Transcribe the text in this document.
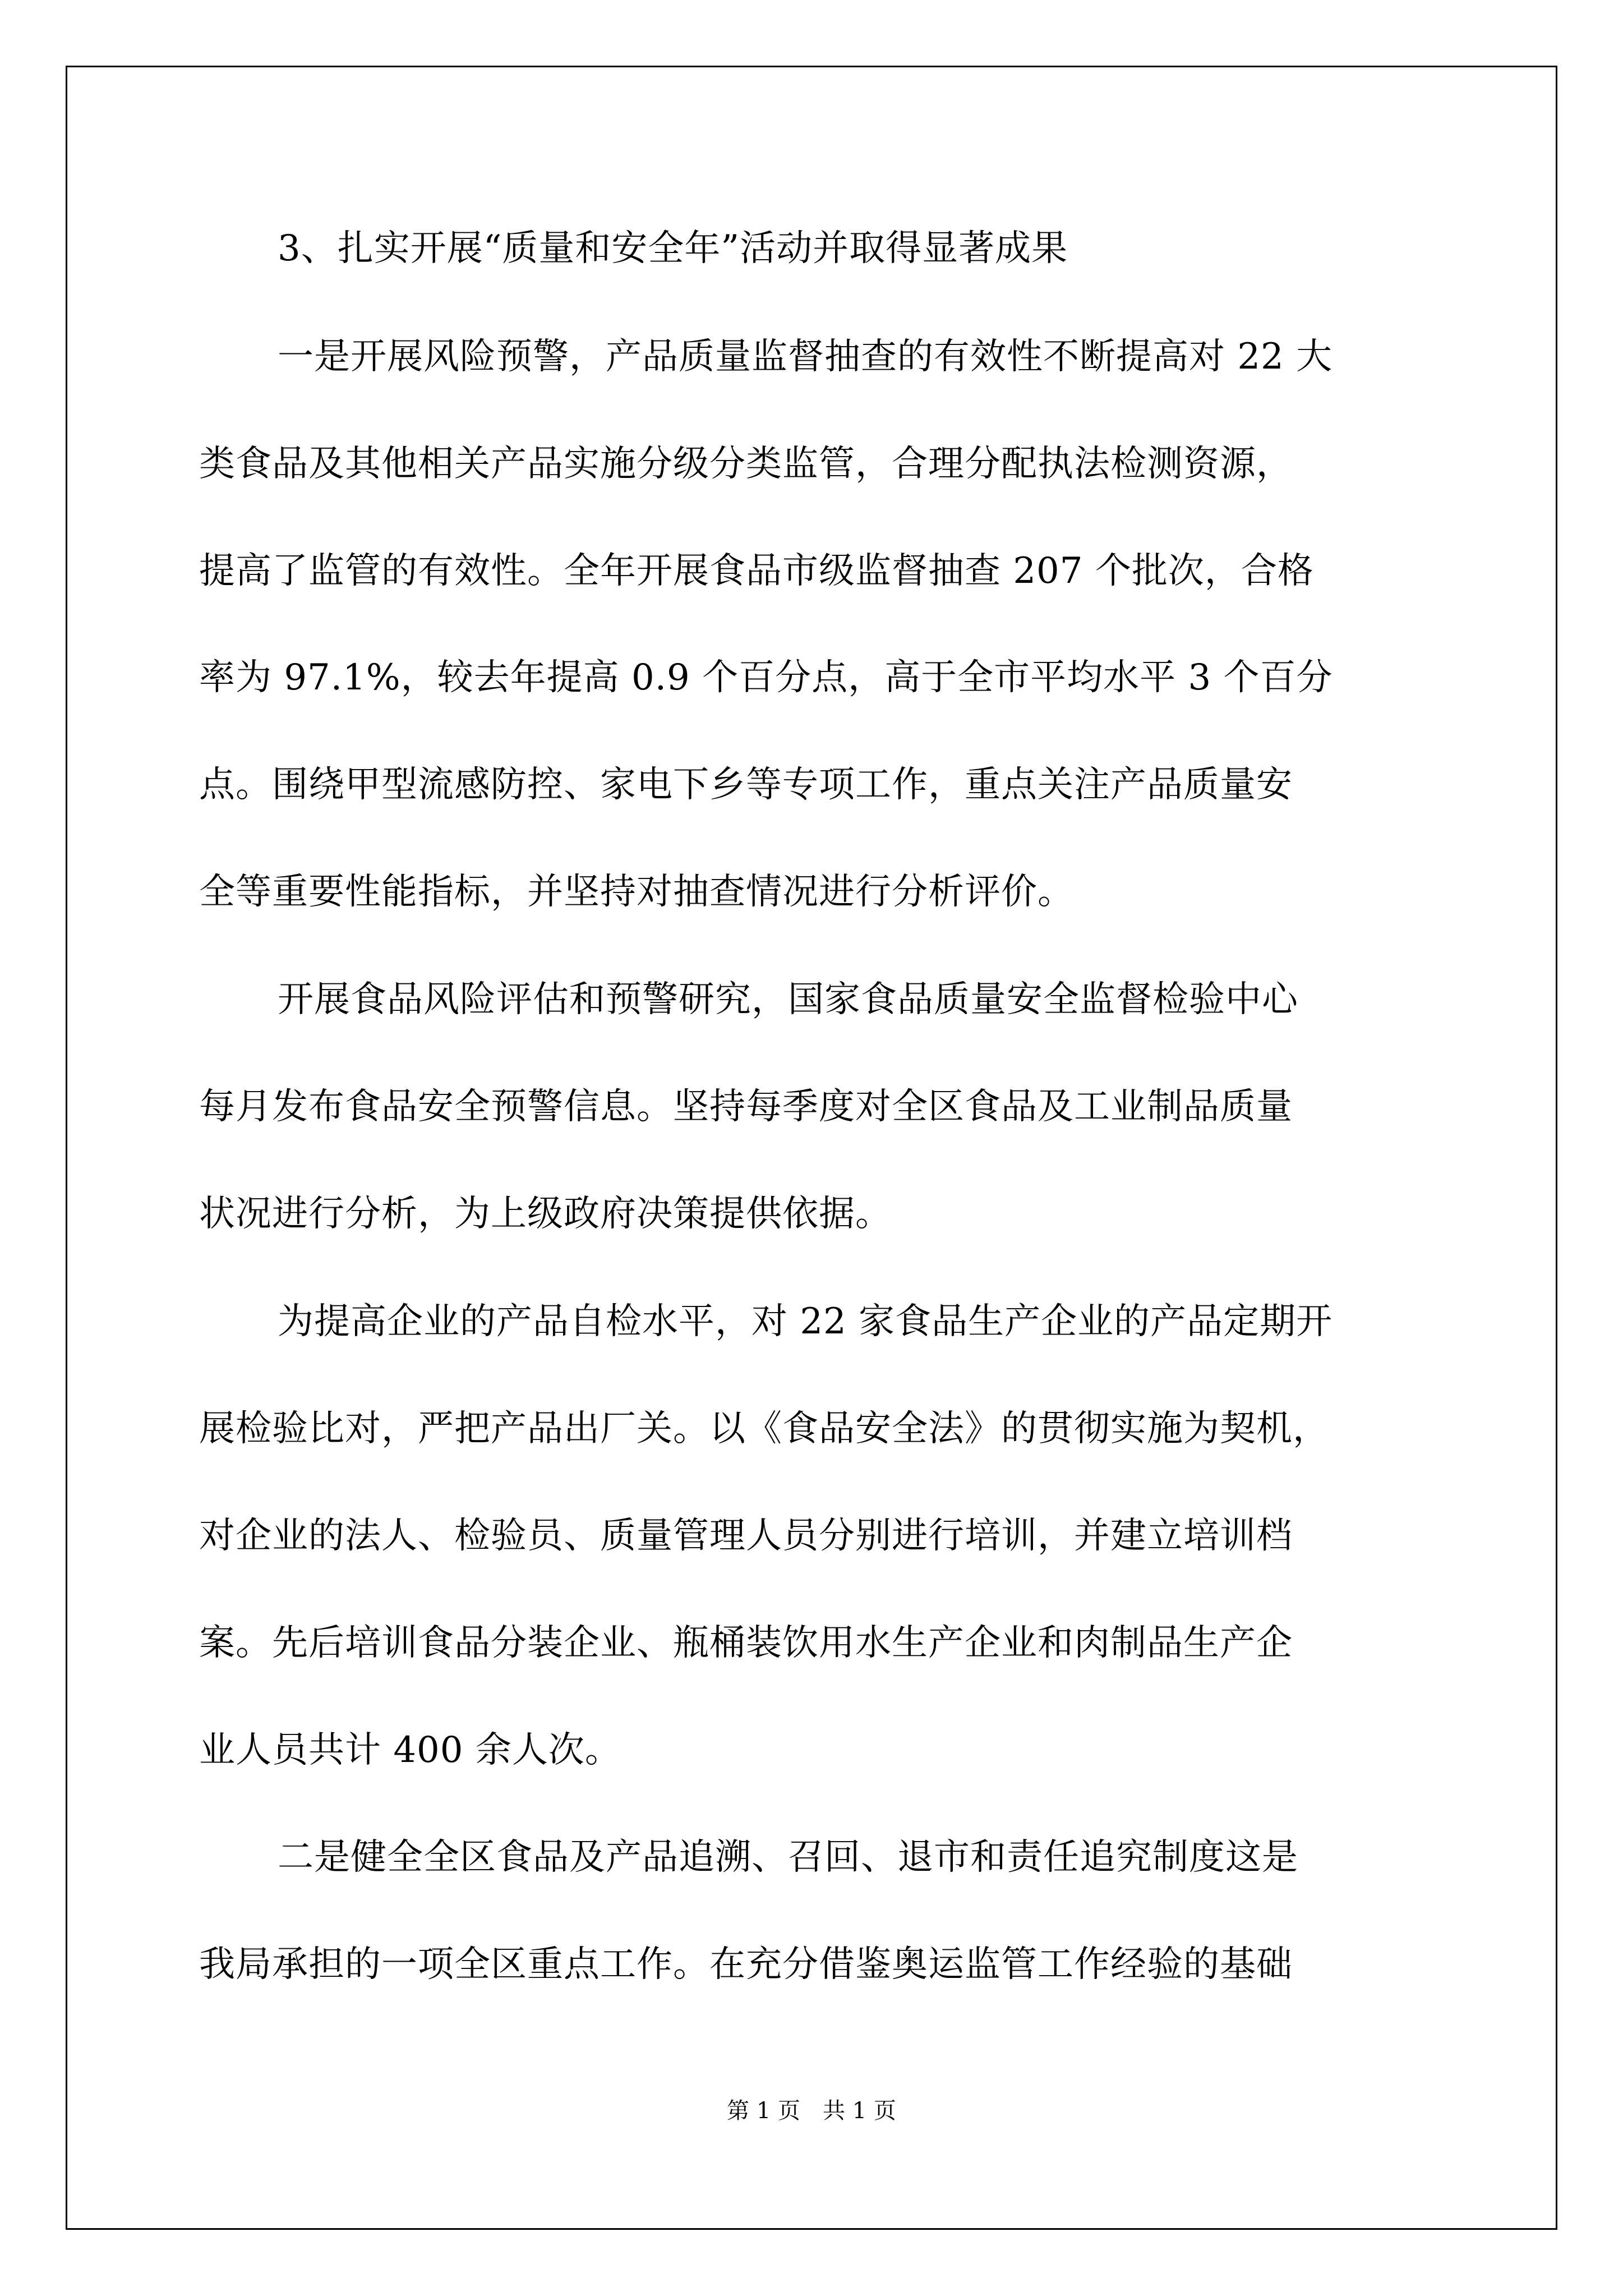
3、扎实开展“质量和安全年”活动并取得显著成果
一是开展风险预警，产品质量监督抽查的有效性不断提高对 22 大
类食品及其他相关产品实施分级分类监管，合理分配执法检测资源，
提高了监管的有效性。全年开展食品市级监督抽查 207 个批次，合格
率为 97.1%，较去年提高 0.9 个百分点，高于全市平均水平 3 个百分
点。围绕甲型流感防控、家电下乡等专项工作，重点关注产品质量安
全等重要性能指标，并坚持对抽查情况进行分析评价。
开展食品风险评估和预警研究，国家食品质量安全监督检验中心
每月发布食品安全预警信息。坚持每季度对全区食品及工业制品质量
状况进行分析，为上级政府决策提供依据。
为提高企业的产品自检水平，对 22 家食品生产企业的产品定期开
展检验比对，严把产品出厂关。以《食品安全法》的贯彻实施为契机，
对企业的法人、检验员、质量管理人员分别进行培训，并建立培训档
案。先后培训食品分装企业、瓶桶装饮用水生产企业和肉制品生产企
业人员共计 400 余人次。
二是健全全区食品及产品追溯、召回、退市和责任追究制度这是
我局承担的一项全区重点工作。在充分借鉴奥运监管工作经验的基础
第 1 页　共 1 页
